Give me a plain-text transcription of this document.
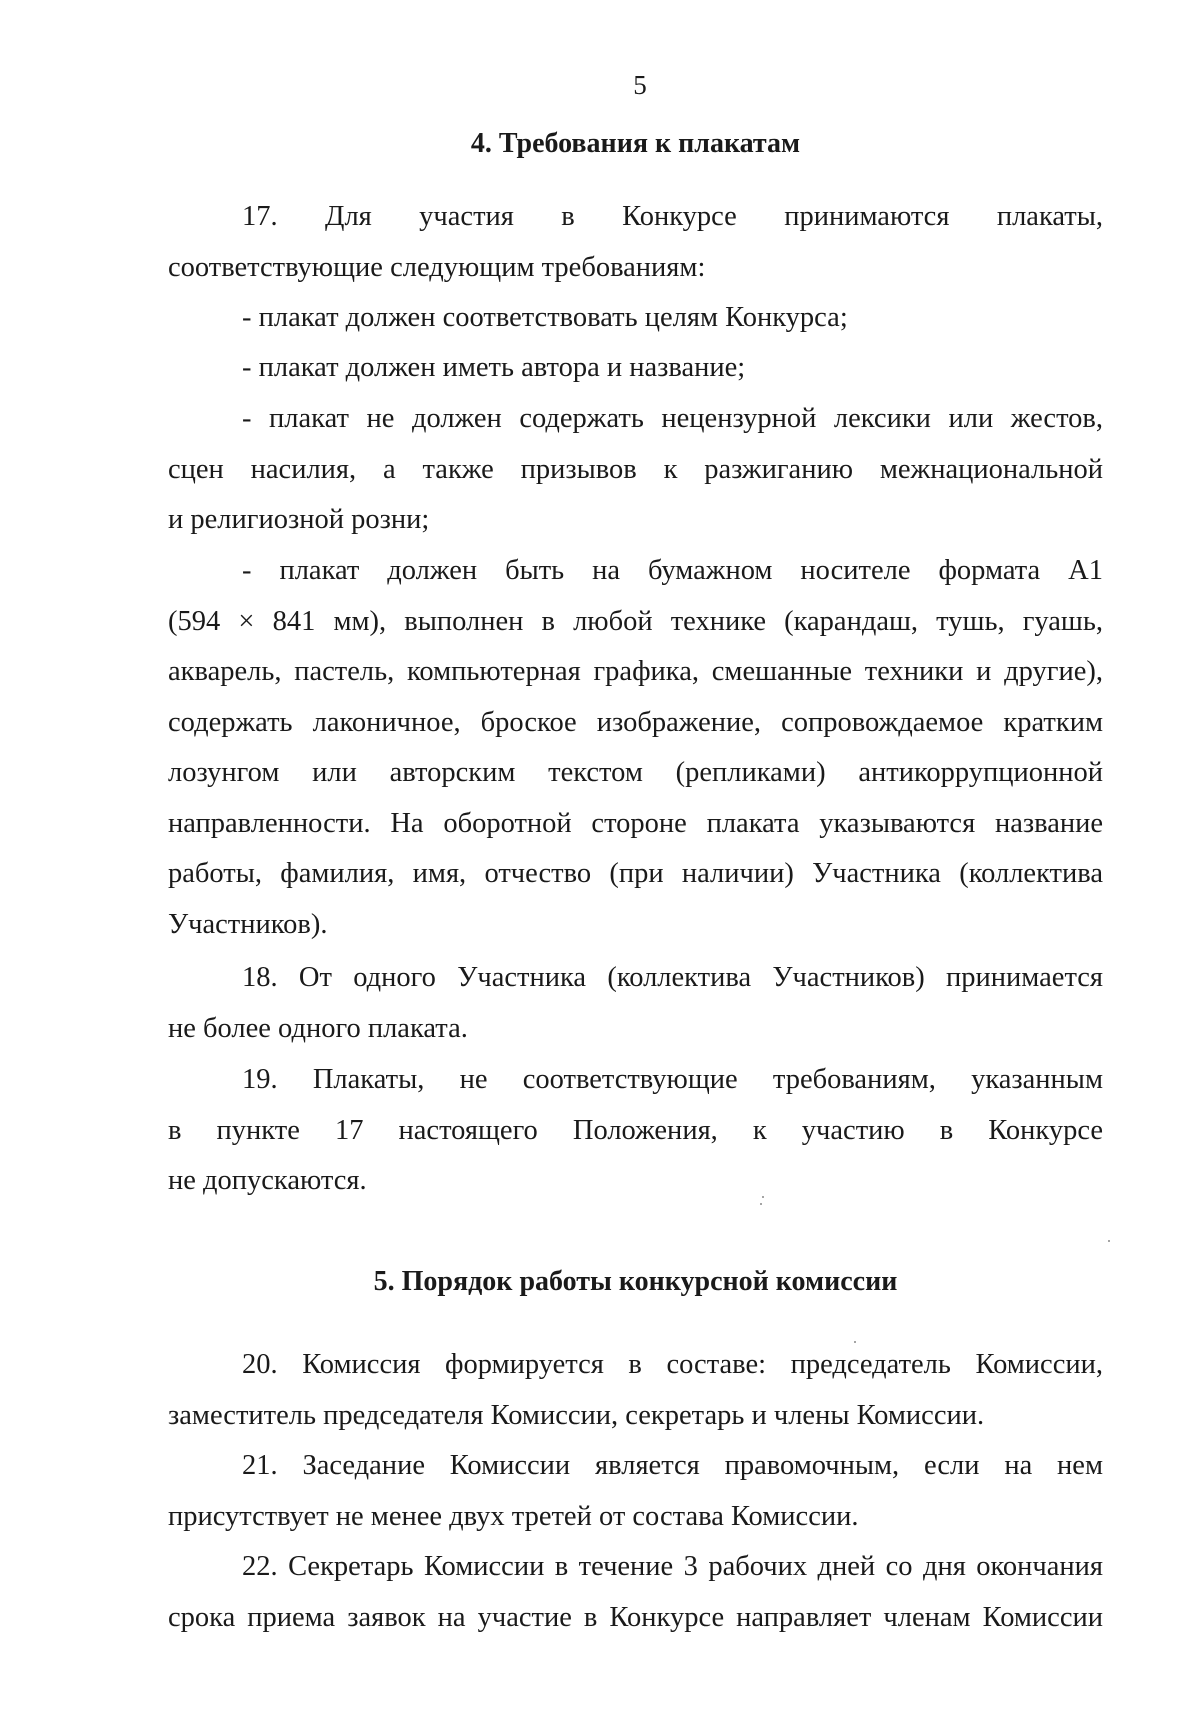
5
4. Требования к плакатам
17. Для участия в Конкурсе принимаются плакаты,
соответствующие следующим требованиям:
- плакат должен соответствовать целям Конкурса;
- плакат должен иметь автора и название;
- плакат не должен содержать нецензурной лексики или жестов,
сцен насилия, а также призывов к разжиганию межнациональной
и религиозной розни;
- плакат должен быть на бумажном носителе формата А1
(594 × 841 мм), выполнен в любой технике (карандаш, тушь, гуашь,
акварель, пастель, компьютерная графика, смешанные техники и другие),
содержать лаконичное, броское изображение, сопровождаемое кратким
лозунгом или авторским текстом (репликами) антикоррупционной
направленности. На оборотной стороне плаката указываются название
работы, фамилия, имя, отчество (при наличии) Участника (коллектива
Участников).
18. От одного Участника (коллектива Участников) принимается
не более одного плаката.
19. Плакаты, не соответствующие требованиям, указанным
в пункте 17 настоящего Положения, к участию в Конкурсе
не допускаются.
5. Порядок работы конкурсной комиссии
20. Комиссия формируется в составе: председатель Комиссии,
заместитель председателя Комиссии, секретарь и члены Комиссии.
21. Заседание Комиссии является правомочным, если на нем
присутствует не менее двух третей от состава Комиссии.
22. Секретарь Комиссии в течение 3 рабочих дней со дня окончания
срока приема заявок на участие в Конкурсе направляет членам Комиссии
